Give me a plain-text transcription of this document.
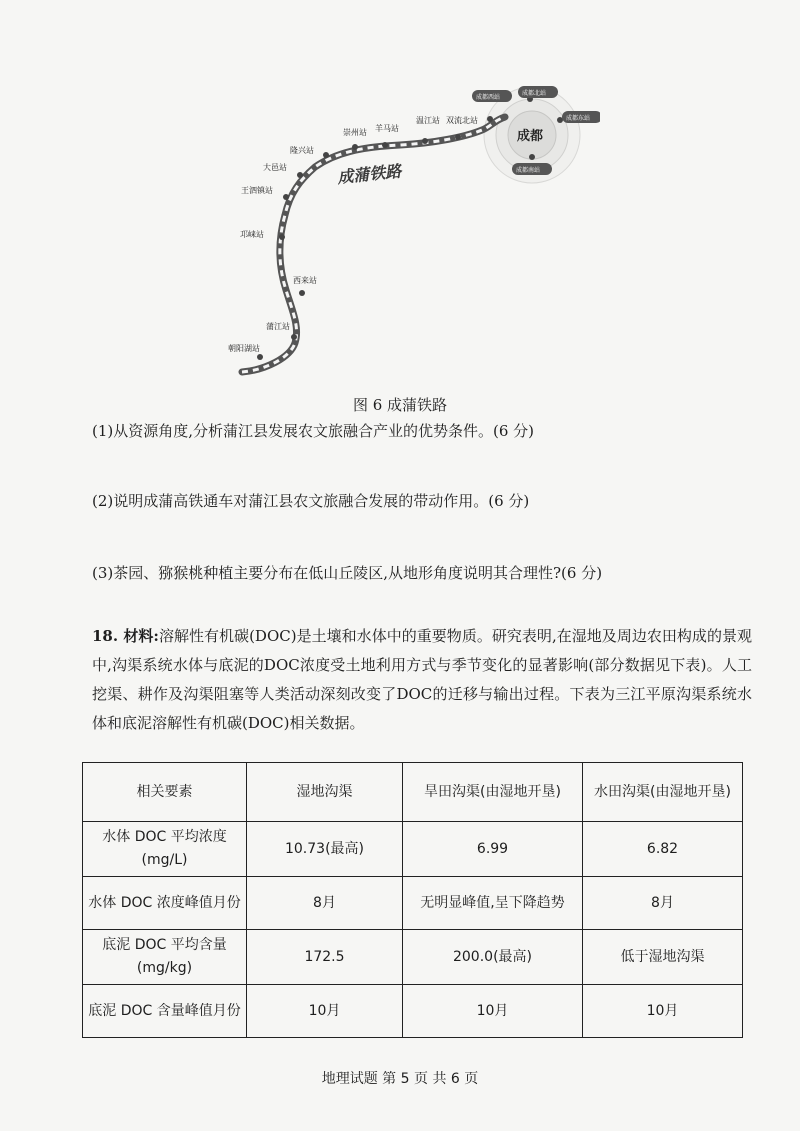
成蒲铁路
成都
朝阳湖站
蒲江站
西来站
邛崃站
王泗镇站
大邑站
隆兴站
崇州站 羊马站
温江站 双流北站
成都西站
成都北站
成都东站
成都南站
图 6 成蒲铁路
(1)从资源角度,分析蒲江县发展农文旅融合产业的优势条件。(6 分)
(2)说明成蒲高铁通车对蒲江县农文旅融合发展的带动作用。(6 分)
(3)茶园、猕猴桃种植主要分布在低山丘陵区,从地形角度说明其合理性?(6 分)
18. 材料:溶解性有机碳(DOC)是土壤和水体中的重要物质。研究表明,在湿地及周边农田构成的景观中,沟渠系统水体与底泥的DOC浓度受土地利用方式与季节变化的显著影响(部分数据见下表)。人工挖渠、耕作及沟渠阻塞等人类活动深刻改变了DOC的迁移与输出过程。下表为三江平原沟渠系统水体和底泥溶解性有机碳(DOC)相关数据。
相关要素	湿地沟渠	旱田沟渠(由湿地开垦)	水田沟渠(由湿地开垦)
水体 DOC 平均浓度(mg/L)	10.73(最高)	6.99	6.82
水体 DOC 浓度峰值月份	8月	无明显峰值,呈下降趋势	8月
底泥 DOC 平均含量(mg/kg)	172.5	200.0(最高)	低于湿地沟渠
底泥 DOC 含量峰值月份	10月	10月	10月
地理试题 第 5 页 共 6 页
